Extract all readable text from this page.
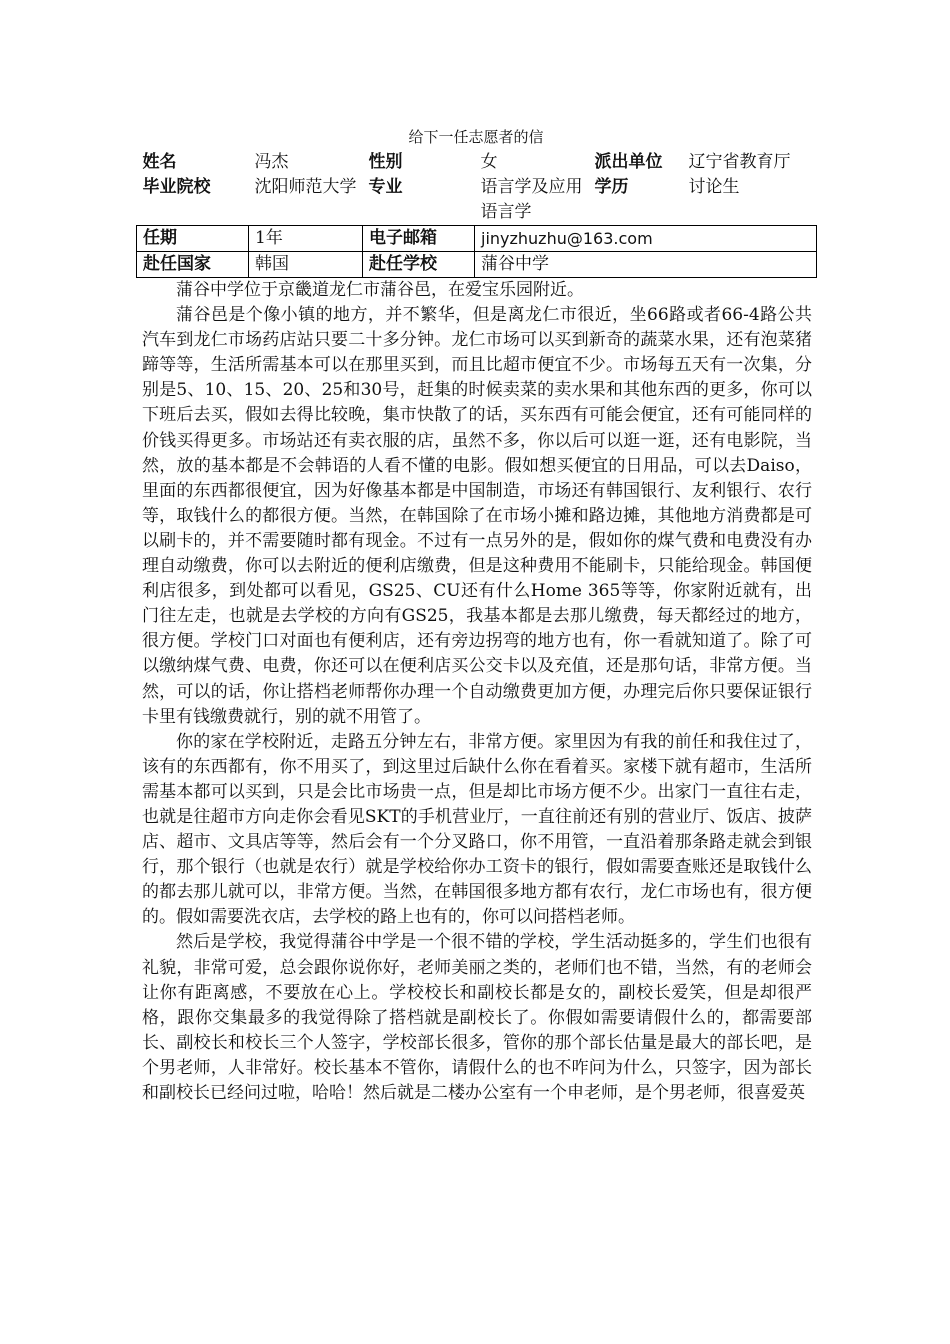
给下一任志愿者的信
姓名	冯杰	性别	女	派出单位	辽宁省教育厅
毕业院校	沈阳师范大学	专业	语言学及应用语言学	学历	讨论生
任期	1年	电子邮箱	jinyzhuzhu@163.com		
赴任国家	韩国	赴任学校	蒲谷中学		

蒲谷中学位于京畿道龙仁市蒲谷邑，在爱宝乐园附近。

蒲谷邑是个像小镇的地方，并不繁华，但是离龙仁市很近，坐66路或者66-4路公共汽车到龙仁市场药店站只要二十多分钟。龙仁市场可以买到新奇的蔬菜水果，还有泡菜猪蹄等等，生活所需基本可以在那里买到，而且比超市便宜不少。市场每五天有一次集，分别是5、10、15、20、25和30号，赶集的时候卖菜的卖水果和其他东西的更多，你可以下班后去买，假如去得比较晚，集市快散了的话，买东西有可能会便宜，还有可能同样的价钱买得更多。市场站还有卖衣服的店，虽然不多，你以后可以逛一逛，还有电影院，当然，放的基本都是不会韩语的人看不懂的电影。假如想买便宜的日用品，可以去Daiso，里面的东西都很便宜，因为好像基本都是中国制造，市场还有韩国银行、友利银行、农行等，取钱什么的都很方便。当然，在韩国除了在市场小摊和路边摊，其他地方消费都是可以刷卡的，并不需要随时都有现金。不过有一点另外的是，假如你的煤气费和电费没有办理自动缴费，你可以去附近的便利店缴费，但是这种费用不能刷卡，只能给现金。韩国便利店很多，到处都可以看见，GS25、CU还有什么Home 365等等，你家附近就有，出门往左走，也就是去学校的方向有GS25，我基本都是去那儿缴费，每天都经过的地方，很方便。学校门口对面也有便利店，还有旁边拐弯的地方也有，你一看就知道了。除了可以缴纳煤气费、电费，你还可以在便利店买公交卡以及充值，还是那句话，非常方便。当然，可以的话，你让搭档老师帮你办理一个自动缴费更加方便，办理完后你只要保证银行卡里有钱缴费就行，别的就不用管了。

你的家在学校附近，走路五分钟左右，非常方便。家里因为有我的前任和我住过了，该有的东西都有，你不用买了，到这里过后缺什么你在看着买。家楼下就有超市，生活所需基本都可以买到，只是会比市场贵一点，但是却比市场方便不少。出家门一直往右走，也就是往超市方向走你会看见SKT的手机营业厅，一直往前还有别的营业厅、饭店、披萨店、超市、文具店等等，然后会有一个分叉路口，你不用管，一直沿着那条路走就会到银行，那个银行（也就是农行）就是学校给你办工资卡的银行，假如需要查账还是取钱什么的都去那儿就可以，非常方便。当然，在韩国很多地方都有农行，龙仁市场也有，很方便的。假如需要洗衣店，去学校的路上也有的，你可以问搭档老师。

然后是学校，我觉得蒲谷中学是一个很不错的学校，学生活动挺多的，学生们也很有礼貌，非常可爱，总会跟你说你好，老师美丽之类的，老师们也不错，当然，有的老师会让你有距离感，不要放在心上。学校校长和副校长都是女的，副校长爱笑，但是却很严格，跟你交集最多的我觉得除了搭档就是副校长了。你假如需要请假什么的，都需要部长、副校长和校长三个人签字，学校部长很多，管你的那个部长估量是最大的部长吧，是个男老师，人非常好。校长基本不管你，请假什么的也不咋问为什么，只签字，因为部长和副校长已经问过啦，哈哈！然后就是二楼办公室有一个申老师，是个男老师，很喜爱英
